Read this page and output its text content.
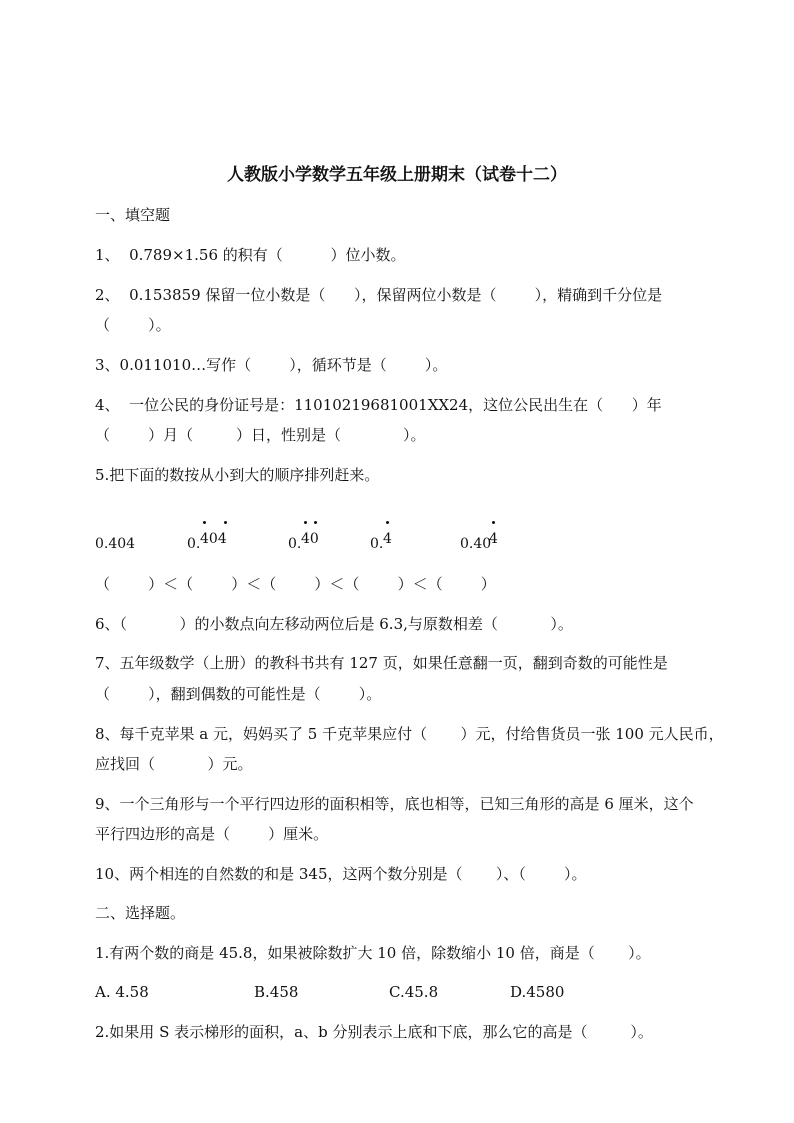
人教版小学数学五年级上册期末（试卷十二）
一、填空题
1、  0.789×1.56 的积有（          ）位小数。
2、  0.153859 保留一位小数是（      ），保留两位小数是（        ），精确到千分位是
（        ）。
3、0.011010…写作（        ），循环节是（        ）。
4、  一位公民的身份证号是：11010219681001XX24，这位公民出生在（      ）年
（        ）月（         ）日，性别是（             ）。
5.把下面的数按从小到大的顺序排列赶来。
0.404	0. 404	0. 40	0. 4	0.40
4
（        ）＜（        ）＜（        ）＜（        ）＜（        ）
6、（           ）的小数点向左移动两位后是 6.3,与原数相差（           ）。
7、五年级数学（上册）的教科书共有 127 页，如果任意翻一页，翻到奇数的可能性是
（        ），翻到偶数的可能性是（        ）。
8、每千克苹果 a 元，妈妈买了 5 千克苹果应付（       ）元，付给售货员一张 100 元人民币，
应找回（           ）元。
9、一个三角形与一个平行四边形的面积相等，底也相等，已知三角形的高是 6 厘米，这个
平行四边形的高是（        ）厘米。
10、两个相连的自然数的和是 345，这两个数分别是（       ）、（        ）。
二、选择题。
1.有两个数的商是 45.8，如果被除数扩大 10 倍，除数缩小 10 倍，商是（       ）。
A. 4.58	B.458	C.45.8	D.4580
2.如果用 S 表示梯形的面积，a、b 分别表示上底和下底，那么它的高是（         ）。
